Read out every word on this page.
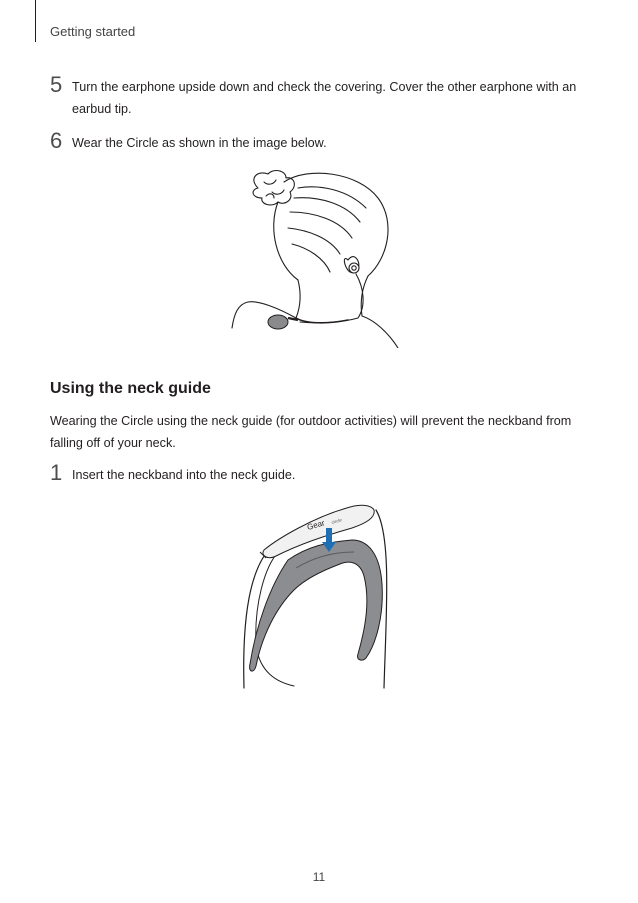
Getting started
5 Turn the earphone upside down and check the covering. Cover the other earphone with an earbud tip.
6 Wear the Circle as shown in the image below.
Using the neck guide
Wearing the Circle using the neck guide (for outdoor activities) will prevent the neckband from falling off of your neck.
1 Insert the neckband into the neck guide.
Gear circle
11
